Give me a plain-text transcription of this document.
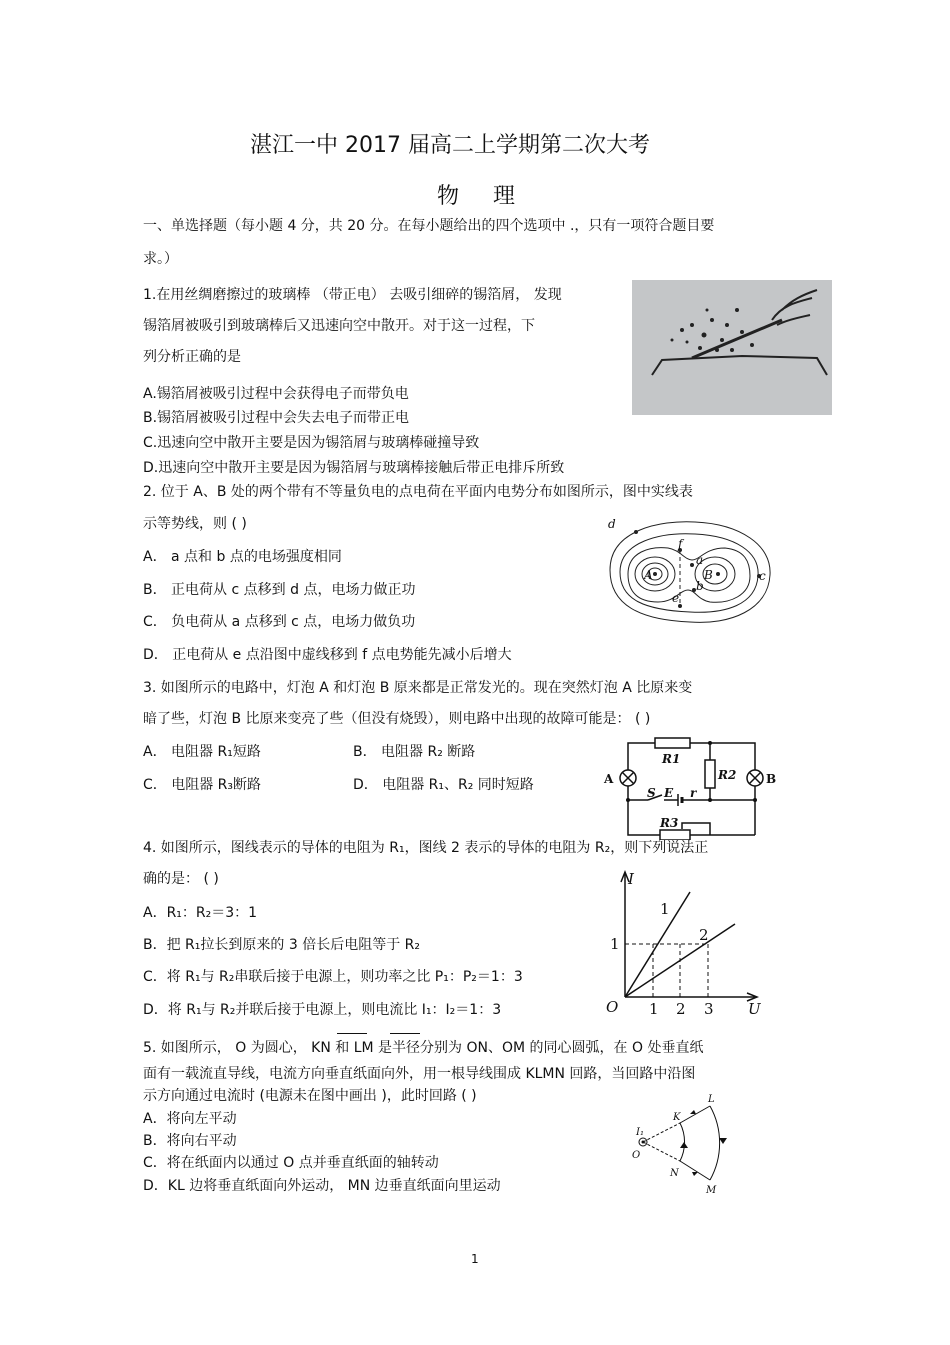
湛江一中 2017 届高二上学期第二次大考
物理
一、单选择题（每小题 4 分，共 20 分。在每小题给出的四个选项中 .，只有一项符合题目要
求。）
1.在用丝绸磨擦过的玻璃棒 （带正电） 去吸引细碎的锡箔屑， 发现
锡箔屑被吸引到玻璃棒后又迅速向空中散开。对于这一过程，下
列分析正确的是
A.锡箔屑被吸引过程中会获得电子而带负电
B.锡箔屑被吸引过程中会失去电子而带正电
C.迅速向空中散开主要是因为锡箔屑与玻璃棒碰撞导致
D.迅速向空中散开主要是因为锡箔屑与玻璃棒接触后带正电排斥所致
2. 位于 A、B 处的两个带有不等量负电的点电荷在平面内电势分布如图所示，图中实线表
示等势线，则 ( )
A． a 点和 b 点的电场强度相同
B． 正电荷从 c 点移到 d 点，电场力做正功
C． 负电荷从 a 点移到 c 点，电场力做负功
D． 正电荷从 e 点沿图中虚线移到 f 点电势能先减小后增大
d
f
a
A	B
b
c
e
3. 如图所示的电路中，灯泡 A 和灯泡 B 原来都是正常发光的。现在突然灯泡 A 比原来变
暗了些，灯泡 B 比原来变亮了些（但没有烧毁），则电路中出现的故障可能是： ( )
A． 电阻器 R₁短路	B． 电阻器 R₂ 断路
C． 电阻器 R₃断路	D． 电阻器 R₁、R₂ 同时短路
R1
R2
R3
A	B
S E r
4. 如图所示，图线表示的导体的电阻为 R₁，图线 2 表示的导体的电阻为 R₂，则下列说法正
确的是： ( )
A．R₁：R₂＝3：1
B．把 R₁拉长到原来的 3 倍长后电阻等于 R₂
C．将 R₁与 R₂串联后接于电源上，则功率之比 P₁：P₂＝1：3
D．将 R₁与 R₂并联后接于电源上，则电流比 I₁：I₂＝1：3
I
U
O 1 2 3
1
1
2
5. 如图所示， O 为圆心， KN 和 LM 是半径分别为 ON、OM 的同心圆弧，在 O 处垂直纸
面有一载流直导线，电流方向垂直纸面向外，用一根导线围成 KLMN 回路，当回路中沿图
示方向通过电流时 (电源未在图中画出 )，此时回路 ( )
A．将向左平动
B．将向右平动
C．将在纸面内以通过 O 点并垂直纸面的轴转动
D．KL 边将垂直纸面向外运动， MN 边垂直纸面向里运动
I₁
O
K
L
N
M
1
